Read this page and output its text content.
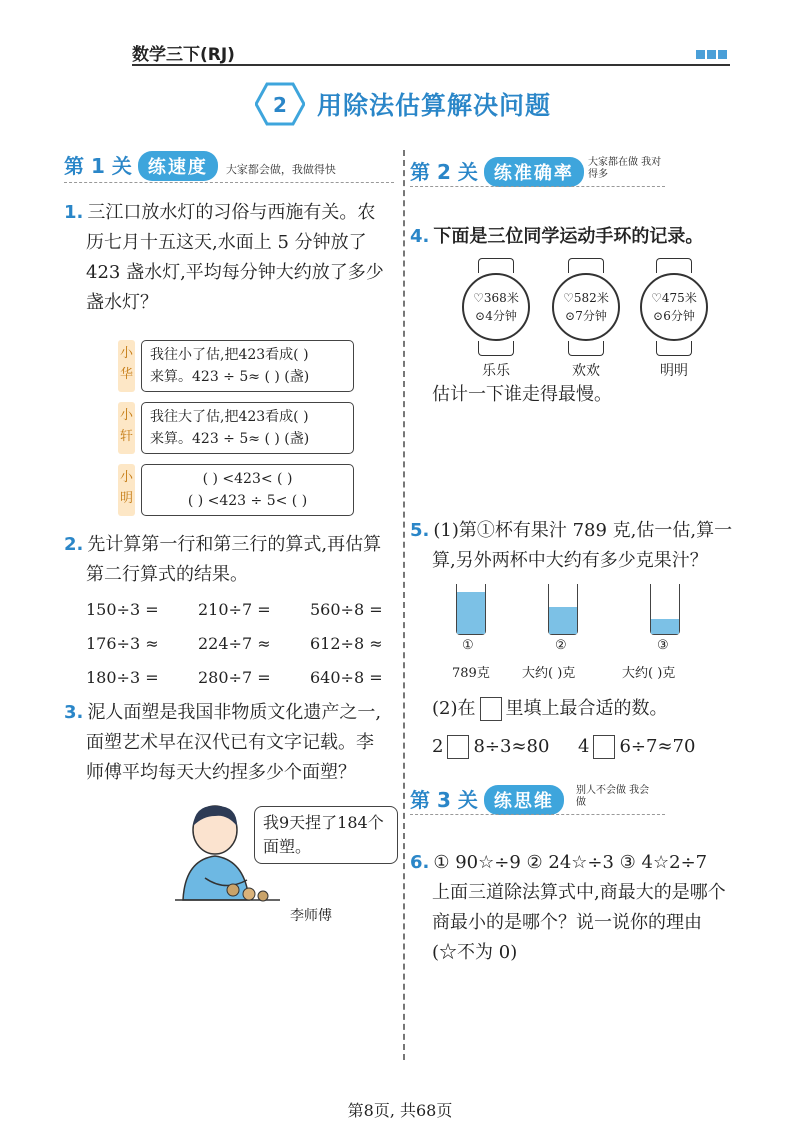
数学三下(RJ)
2 用除法估算解决问题
第 1 关 练速度 大家都会做，我做得快
1. 三江口放水灯的习俗与西施有关。农
历七月十五这天,水面上 5 分钟放了
423 盏水灯,平均每分钟大约放了多少
盏水灯？
小华
我往小了估,把423看成( )
来算。423 ÷ 5≈ ( ) (盏)
小轩
我往大了估,把423看成( )
来算。423 ÷ 5≈ ( ) (盏)
小明
( ) <423< ( )
( ) <423 ÷ 5< ( )
2. 先计算第一行和第三行的算式,再估算
第二行算式的结果。
150÷3 = 210÷7 = 560÷8 =
176÷3 ≈ 224÷7 ≈ 612÷8 ≈
180÷3 = 280÷7 = 640÷8 =
3. 泥人面塑是我国非物质文化遗产之一,
面塑艺术早在汉代已有文字记载。李
师傅平均每天大约捏多少个面塑？
我9天捏了184个面塑。
李师傅
第 2 关 练准确率
大家都在做 我对得多
4. 下面是三位同学运动手环的记录。
♡368米
⊙4分钟
乐乐
♡582米
⊙7分钟
欢欢
♡475米
⊙6分钟
明明
估计一下谁走得最慢。
5. (1)第①杯有果汁 789 克,估一估,算一
算,另外两杯中大约有多少克果汁？
①	②	③
789克 大约( )克	大约( )克
(2)在 里填上最合适的数。
2 8÷3≈80 4 6÷7≈70
第 3 关 练思维
别人不会做 我会做
6. ① 90☆÷9 ② 24☆÷3 ③ 4☆2÷7
上面三道除法算式中,商最大的是哪个
商最小的是哪个？说一说你的理由
(☆不为 0)
第8页, 共68页
